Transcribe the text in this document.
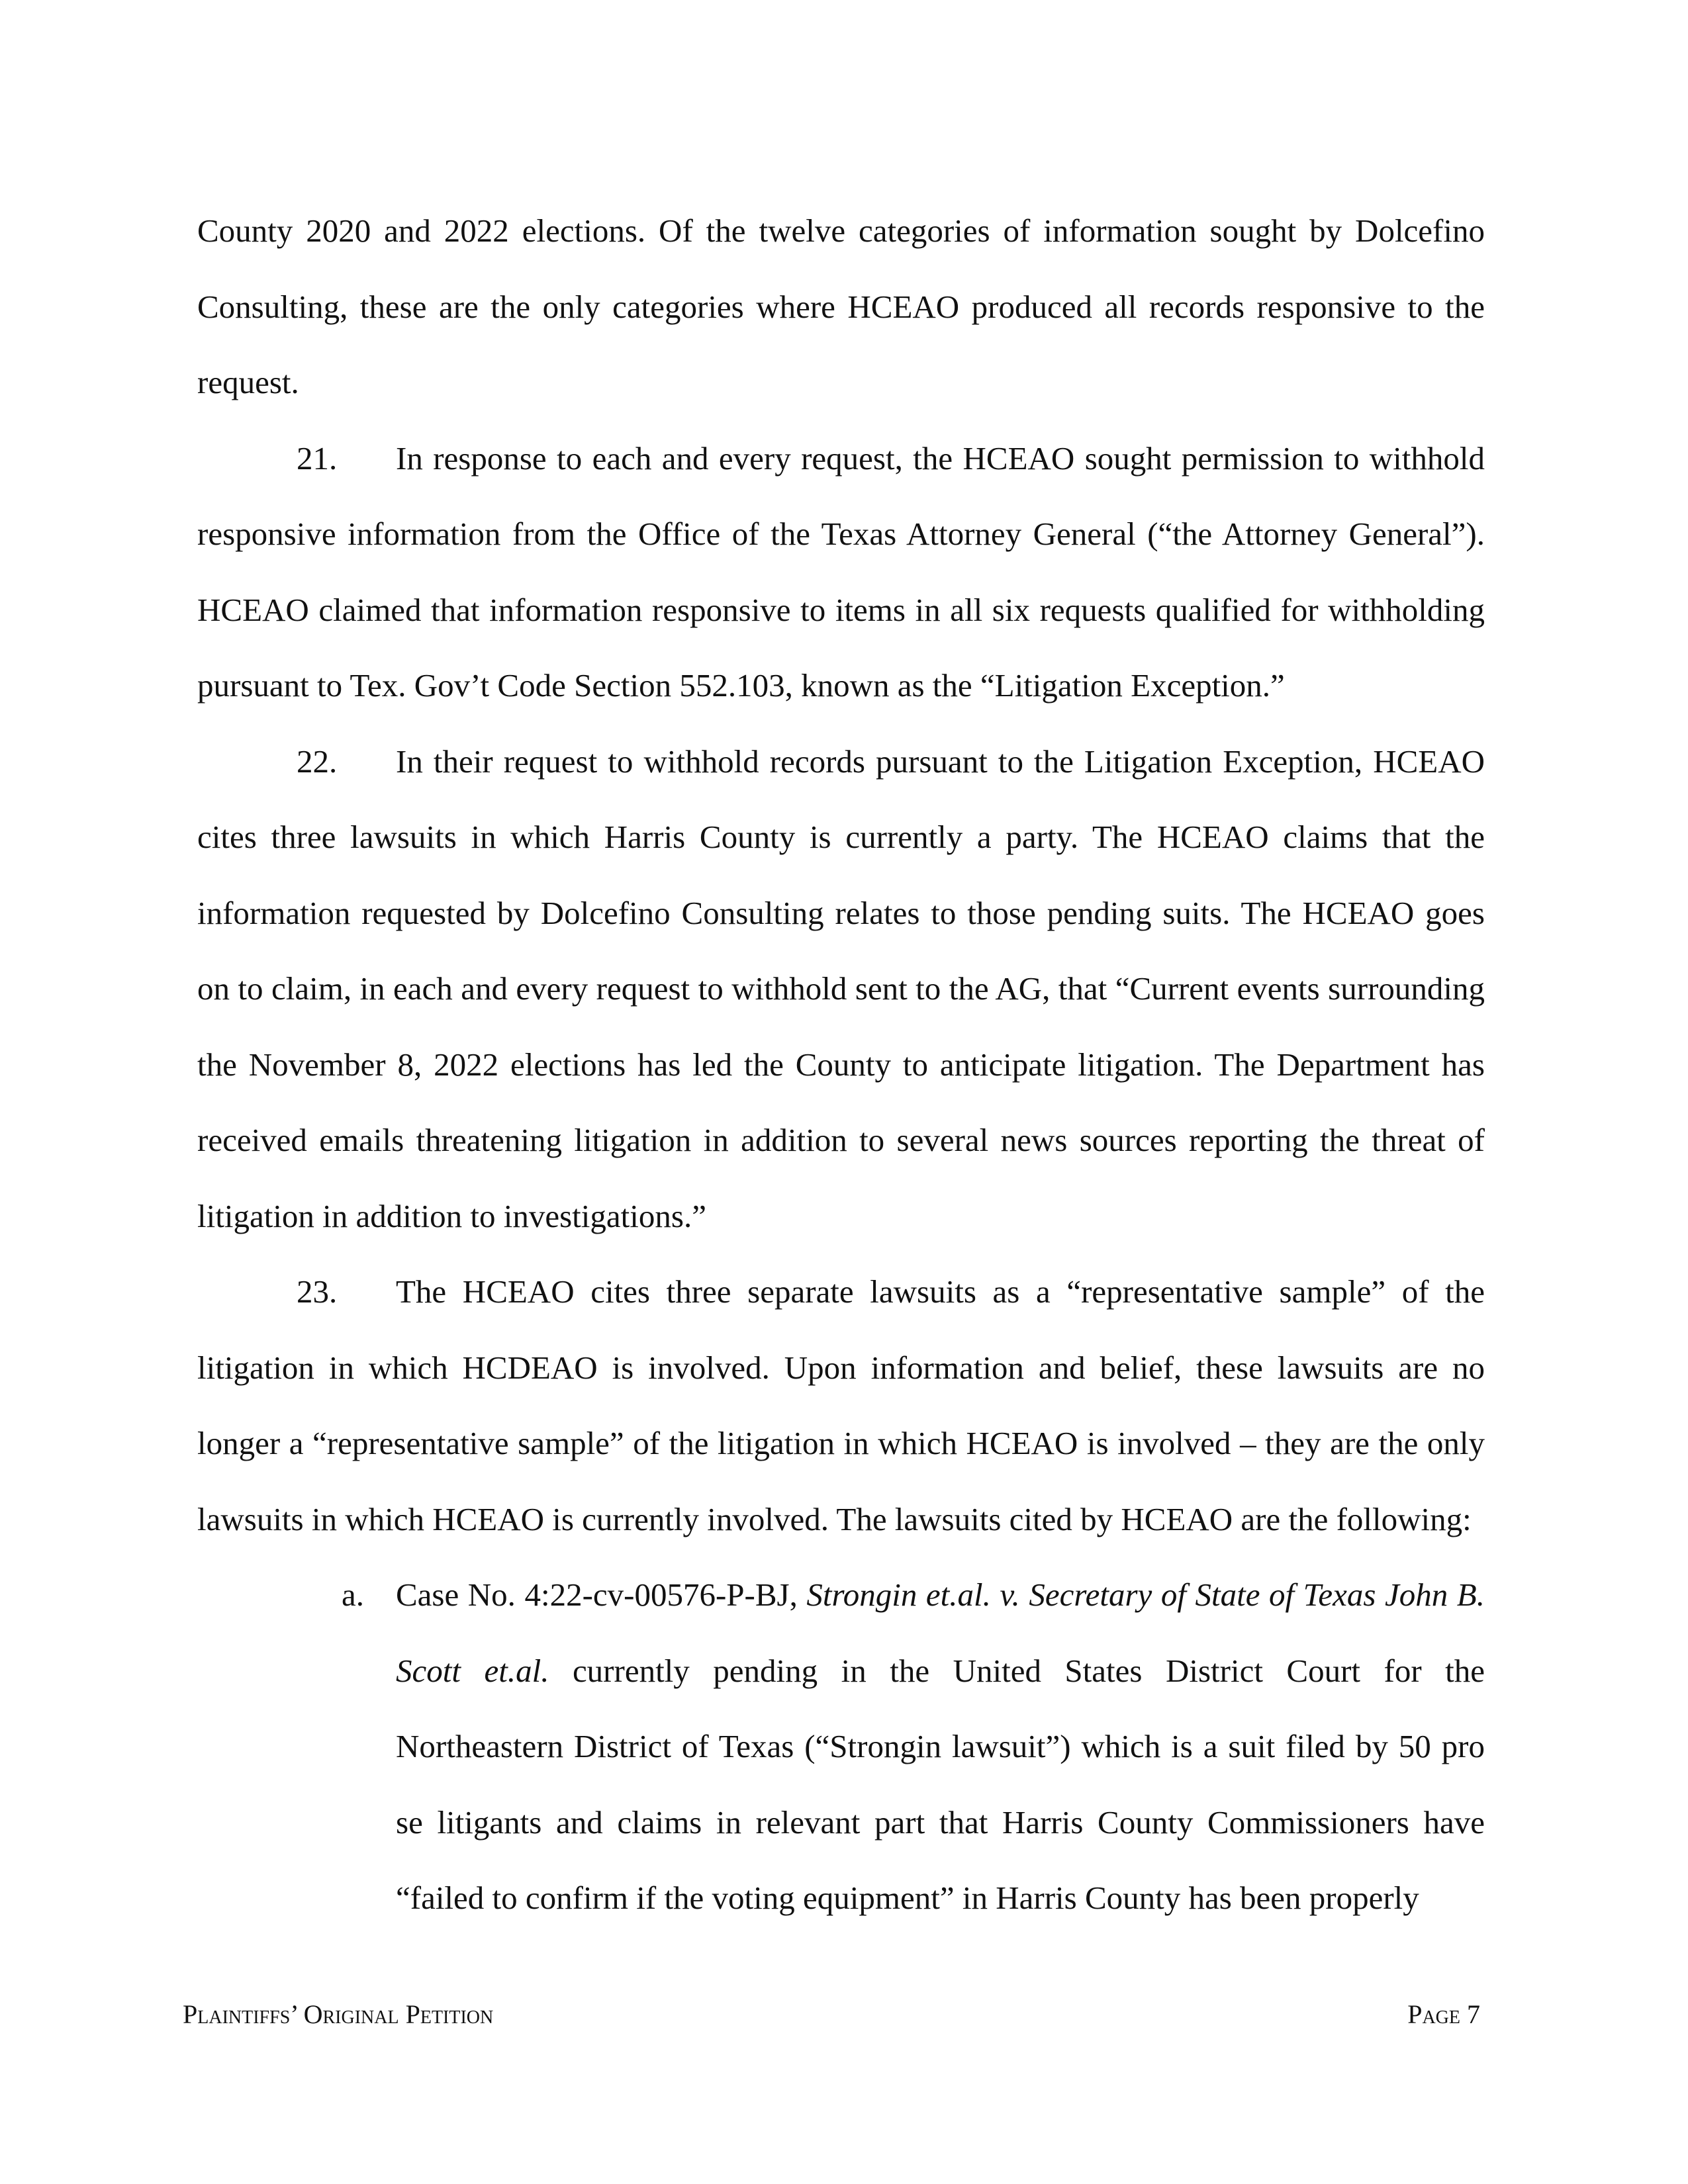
County 2020 and 2022 elections. Of the twelve categories of information sought by Dolcefino Consulting, these are the only categories where HCEAO produced all records responsive to the request.

21. In response to each and every request, the HCEAO sought permission to withhold responsive information from the Office of the Texas Attorney General (“the Attorney General”). HCEAO claimed that information responsive to items in all six requests qualified for withholding pursuant to Tex. Gov’t Code Section 552.103, known as the “Litigation Exception.”

22. In their request to withhold records pursuant to the Litigation Exception, HCEAO cites three lawsuits in which Harris County is currently a party. The HCEAO claims that the information requested by Dolcefino Consulting relates to those pending suits. The HCEAO goes on to claim, in each and every request to withhold sent to the AG, that “Current events surrounding the November 8, 2022 elections has led the County to anticipate litigation. The Department has received emails threatening litigation in addition to several news sources reporting the threat of litigation in addition to investigations.”

23. The HCEAO cites three separate lawsuits as a “representative sample” of the litigation in which HCDEAO is involved. Upon information and belief, these lawsuits are no longer a “representative sample” of the litigation in which HCEAO is involved – they are the only lawsuits in which HCEAO is currently involved. The lawsuits cited by HCEAO are the following:

a. Case No. 4:22-cv-00576-P-BJ, Strongin et.al. v. Secretary of State of Texas John B. Scott et.al. currently pending in the United States District Court for the Northeastern District of Texas (“Strongin lawsuit”) which is a suit filed by 50 pro se litigants and claims in relevant part that Harris County Commissioners have “failed to confirm if the voting equipment” in Harris County has been properly

Plaintiffs’ Original Petition	Page 7
